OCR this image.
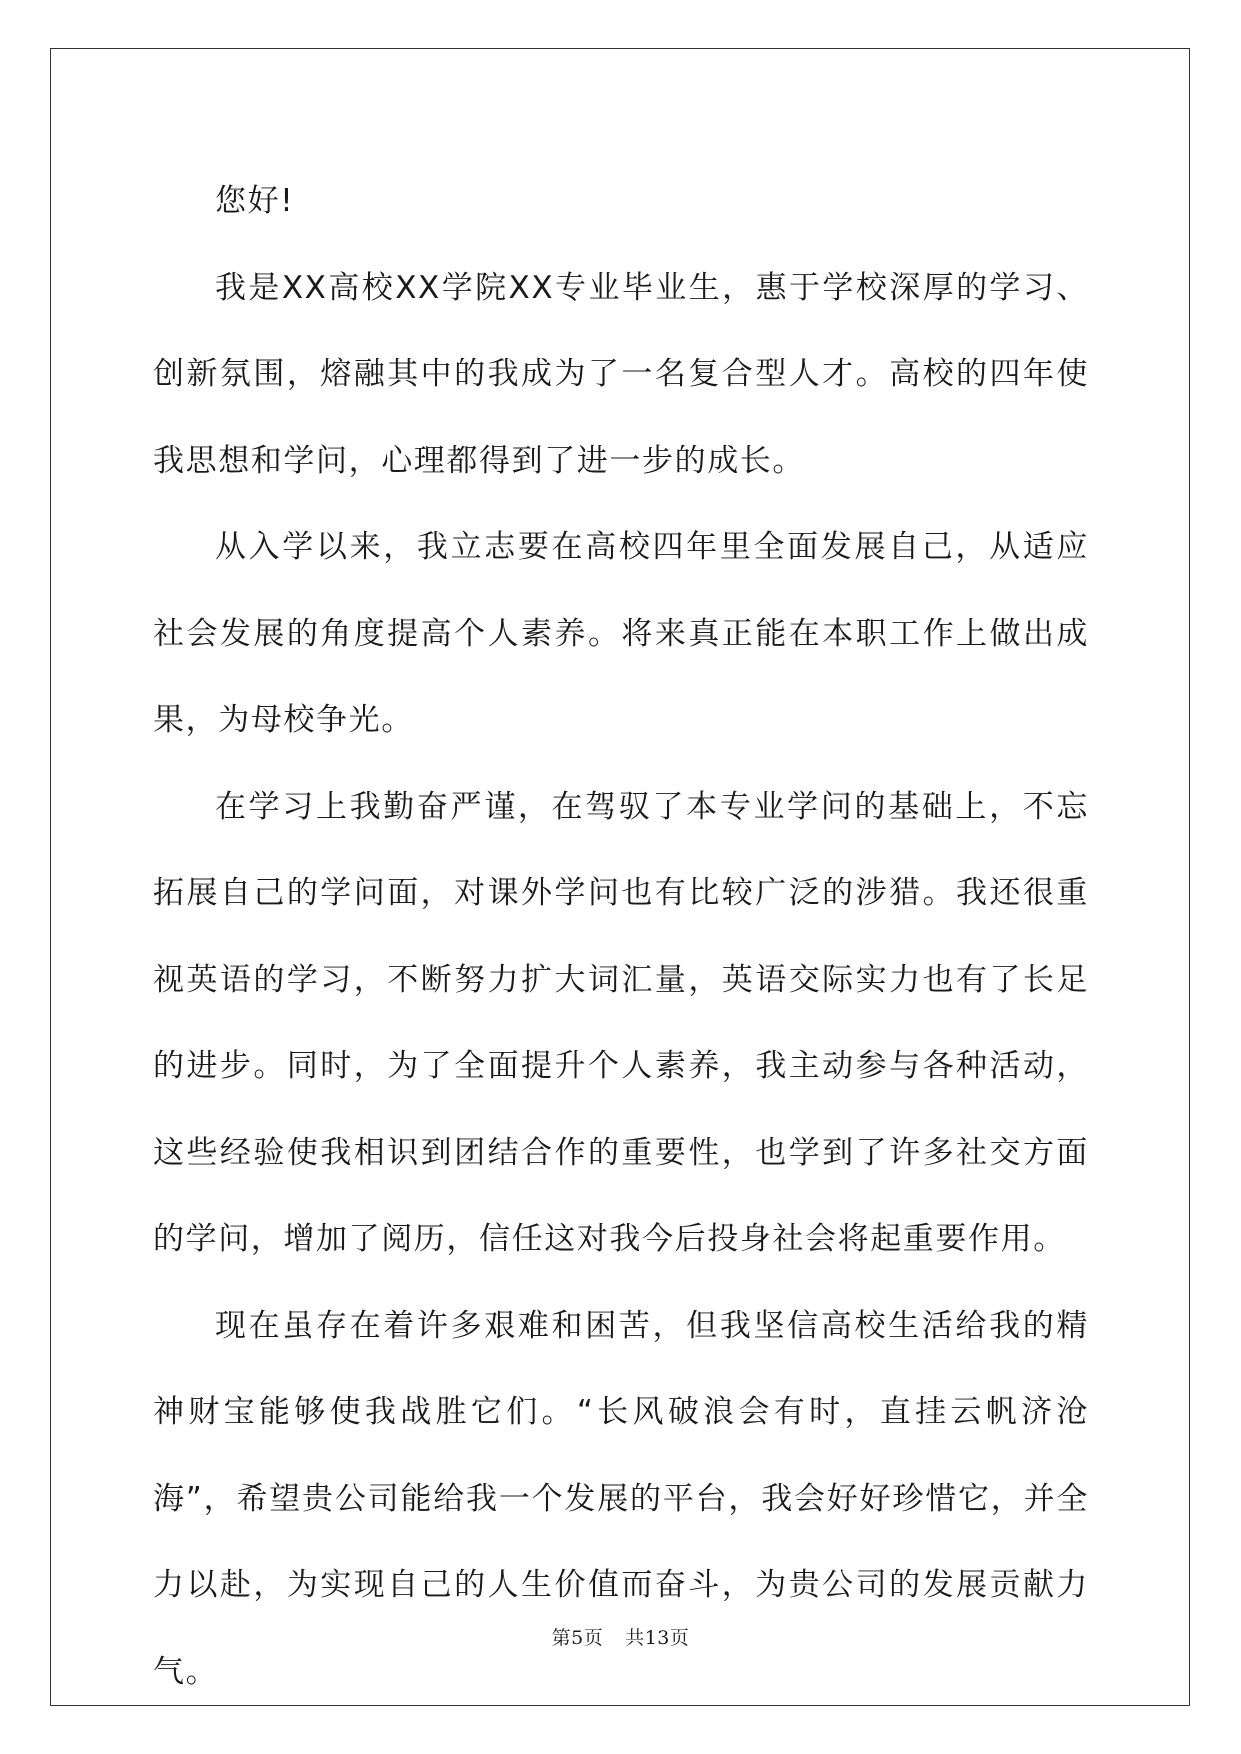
您好!

我是XX高校XX学院XX专业毕业生，惠于学校深厚的学习、创新氛围，熔融其中的我成为了一名复合型人才。高校的四年使我思想和学问，心理都得到了进一步的成长。

从入学以来，我立志要在高校四年里全面发展自己，从适应社会发展的角度提高个人素养。将来真正能在本职工作上做出成果，为母校争光。

在学习上我勤奋严谨，在驾驭了本专业学问的基础上，不忘拓展自己的学问面，对课外学问也有比较广泛的涉猎。我还很重视英语的学习，不断努力扩大词汇量，英语交际实力也有了长足的进步。同时，为了全面提升个人素养，我主动参与各种活动，这些经验使我相识到团结合作的重要性，也学到了许多社交方面的学问，增加了阅历，信任这对我今后投身社会将起重要作用。

现在虽存在着许多艰难和困苦，但我坚信高校生活给我的精神财宝能够使我战胜它们。“长风破浪会有时，直挂云帆济沧海”，希望贵公司能给我一个发展的平台，我会好好珍惜它，并全力以赴，为实现自己的人生价值而奋斗，为贵公司的发展贡献力气。

第5页 共13页
